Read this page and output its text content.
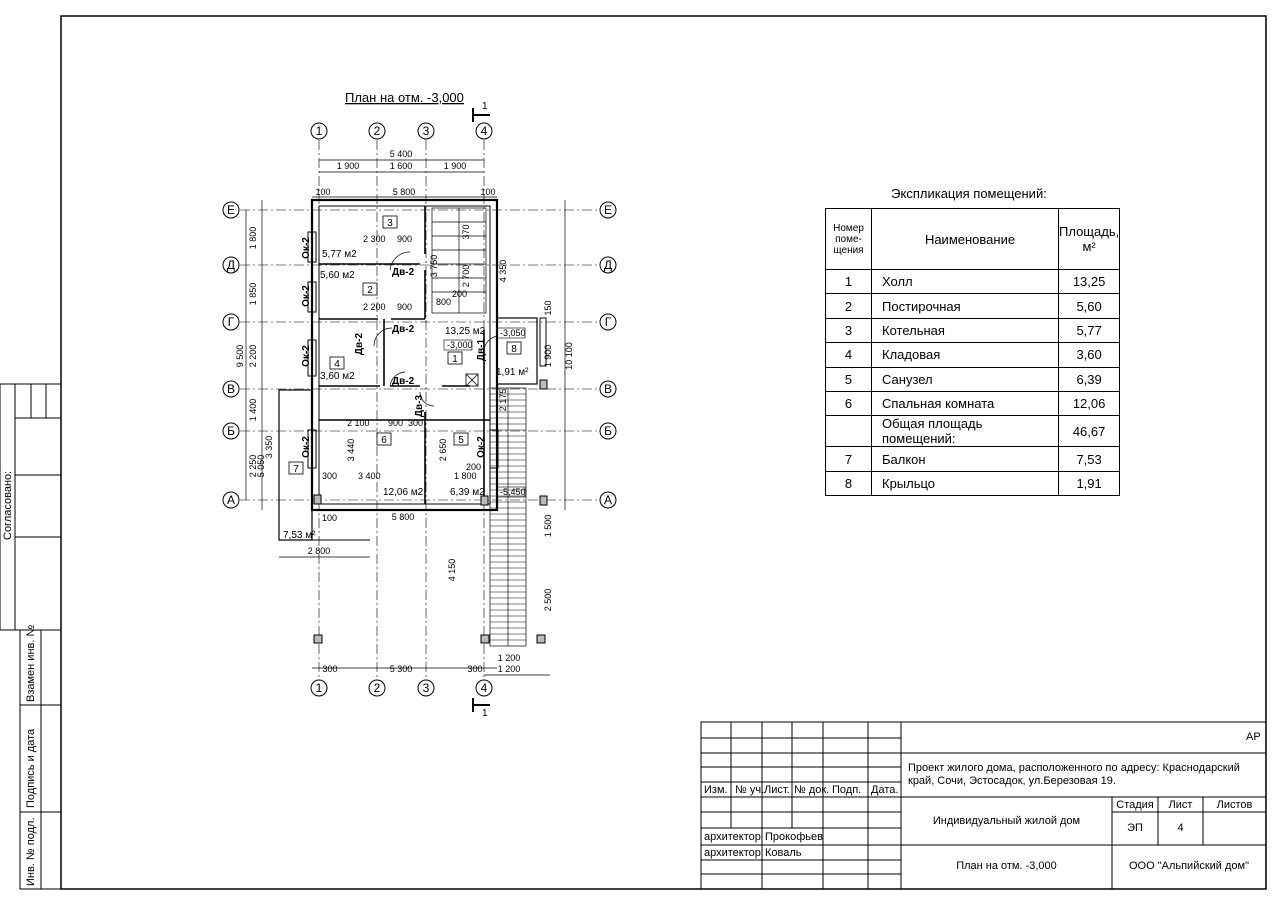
План на отм. -3,000
1
1
1	2	3	4
1	2	3	4
Е
Д
Г
В
Б
А
Е
Д
Г
В
Б
А
5 400
1 900	1 600	1 900
100	5 800	100
5 800
300	5 300	300
1 200
1 200
2 800
1 800
1 850
2 200
1 400
2 250
9 500	10 100
4 350
4 150
2 300 900
2 200 900
2 100 900
3 400	1 800
3 440	2 650
370
3 750 2 700
800
2 175
3 350
5 050
1 500
2 500
1 900
150
300
300
100
200
200
3
5,77 м2
2
5,60 м2
4
3,60 м2
1
13,25 м2
8
1,91 м²
6
12,06 м2
5
6,39 м2
7
7,53 м²
-3,050
-3,000
-5,450
Ок-2
Ок-2
Ок-2
Ок-2	Ок-2
Дв-2
Дв-2
Дв-2
Дв-2
Дв-1
Дв-3
Экспликация помещений:
Номер поме- щения	Наименование	Площадь, м²
1	Холл	13,25
2	Постирочная	5,60
3	Котельная	5,77
4	Кладовая	3,60
5	Санузел	6,39
6	Спальная комната	12,06
	Общая площадь помещений:	46,67
7	Балкон	7,53
8	Крыльцо	1,91
Согласовано:
Взамен инв. №
Подпись и дата
Инв. № подл.
АР
Проект жилого дома, расположенного по адресу: Краснодарский край, Сочи, Эстосадок, ул.Березовая 19.
Изм. № уч. Лист. № док. Подп. Дата.
архитектор Прокофьев
архитектор Коваль
Индивидуальный жилой дом
План на отм. -3,000
Стадия	Лист	Листов
ЭП	4
ООО "Альпийский дом"
